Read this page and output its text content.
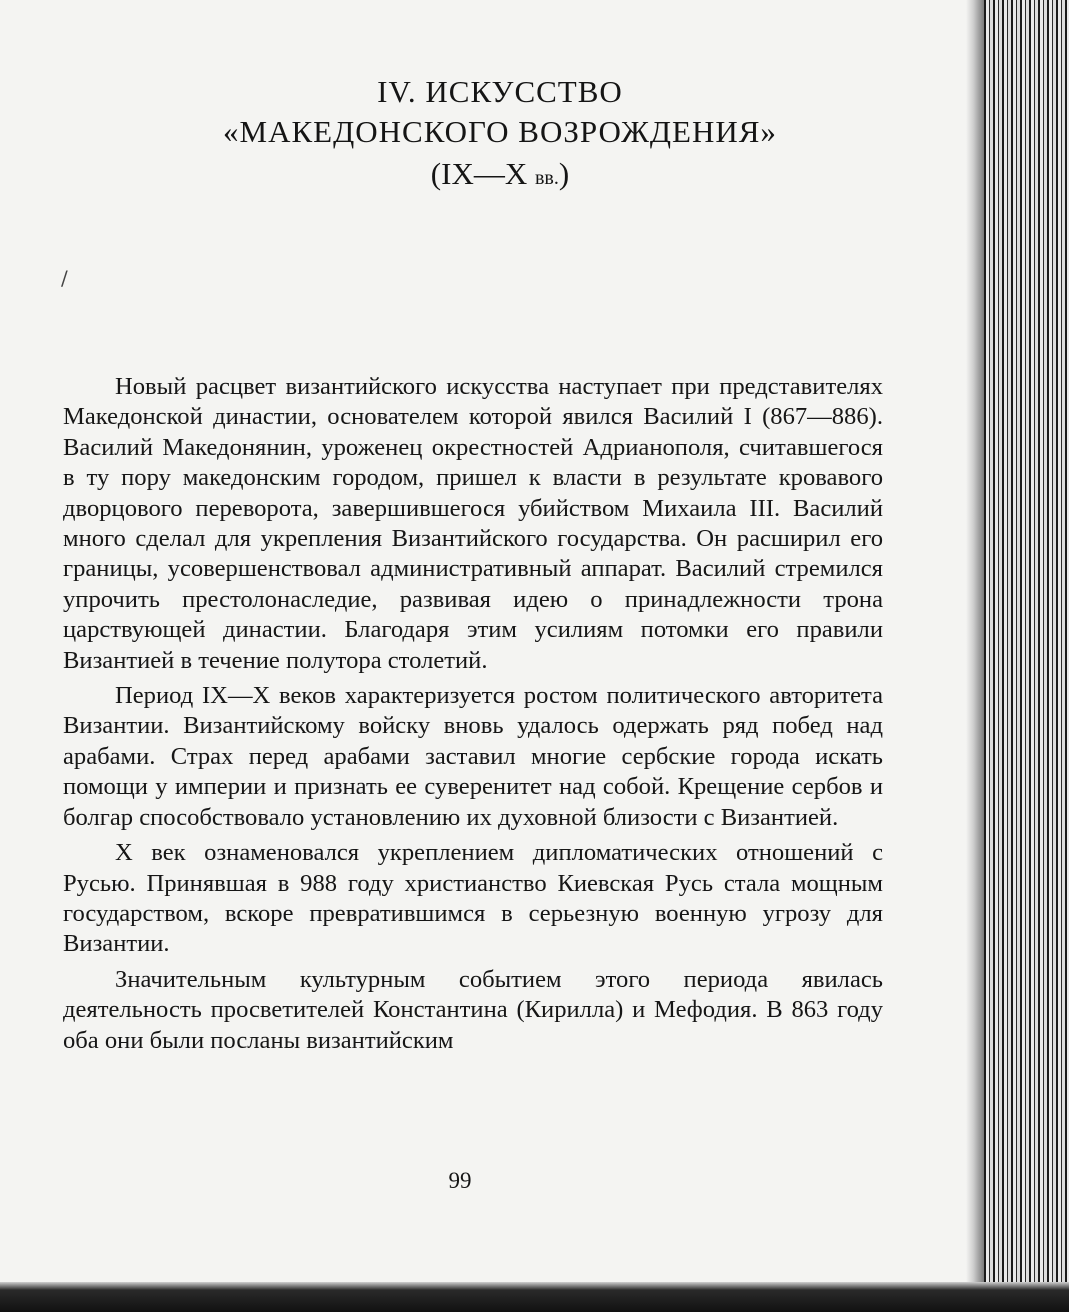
IV. ИСКУССТВО
«МАКЕДОНСКОГО ВОЗРОЖДЕНИЯ»
(IX—X вв.)
/

Новый расцвет византийского искусства наступает при представителях Македонской династии, основателем которой явился Василий I (867—886). Василий Македонянин, уроженец окрестностей Адрианополя, считавшегося в ту пору македонским городом, пришел к власти в результате кровавого дворцового переворота, завершившегося убийством Михаила III. Василий много сделал для укрепления Византийского государства. Он расширил его границы, усовершенствовал административный аппарат. Василий стремился упрочить престолонаследие, развивая идею о принадлежности трона царствующей династии. Благодаря этим усилиям потомки его правили Византией в течение полутора столетий.

Период IX—X веков характеризуется ростом политического авторитета Византии. Византийскому войску вновь удалось одержать ряд побед над арабами. Страх перед арабами заставил многие сербские города искать помощи у империи и признать ее суверенитет над собой. Крещение сербов и болгар способствовало установлению их духовной близости с Византией.

X век ознаменовался укреплением дипломатических отношений с Русью. Принявшая в 988 году христианство Киевская Русь стала мощным государством, вскоре превратившимся в серьезную военную угрозу для Византии.

Значительным культурным событием этого периода явилась деятельность просветителей Константина (Кирилла) и Мефодия. В 863 году оба они были посланы византийским

99
